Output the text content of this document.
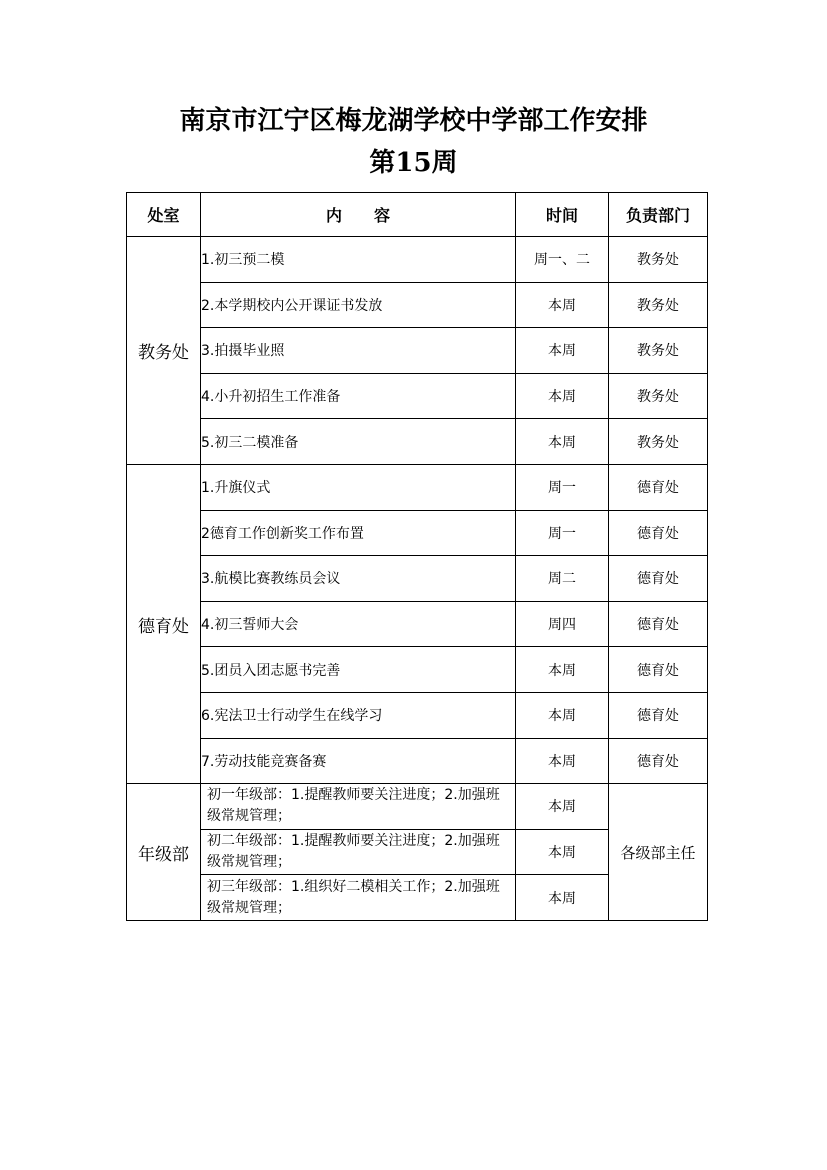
南京市江宁区梅龙湖学校中学部工作安排
第15周
处室	内　　容	时间	负责部门
教务处	1.初三预二模	周一、二	教务处
	2.本学期校内公开课证书发放	本周	教务处
	3.拍摄毕业照	本周	教务处
	4.小升初招生工作准备	本周	教务处
	5.初三二模准备	本周	教务处
德育处	1.升旗仪式	周一	德育处
	2德育工作创新奖工作布置	周一	德育处
	3.航模比赛教练员会议	周二	德育处
	4.初三誓师大会	周四	德育处
	5.团员入团志愿书完善	本周	德育处
	6.宪法卫士行动学生在线学习	本周	德育处
	7.劳动技能竞赛备赛	本周	德育处
年级部	初一年级部：1.提醒教师要关注进度；2.加强班级常规管理；	本周	各级部主任
	初二年级部：1.提醒教师要关注进度；2.加强班级常规管理；	本周	
	初三年级部：1.组织好二模相关工作；2.加强班级常规管理；	本周	
